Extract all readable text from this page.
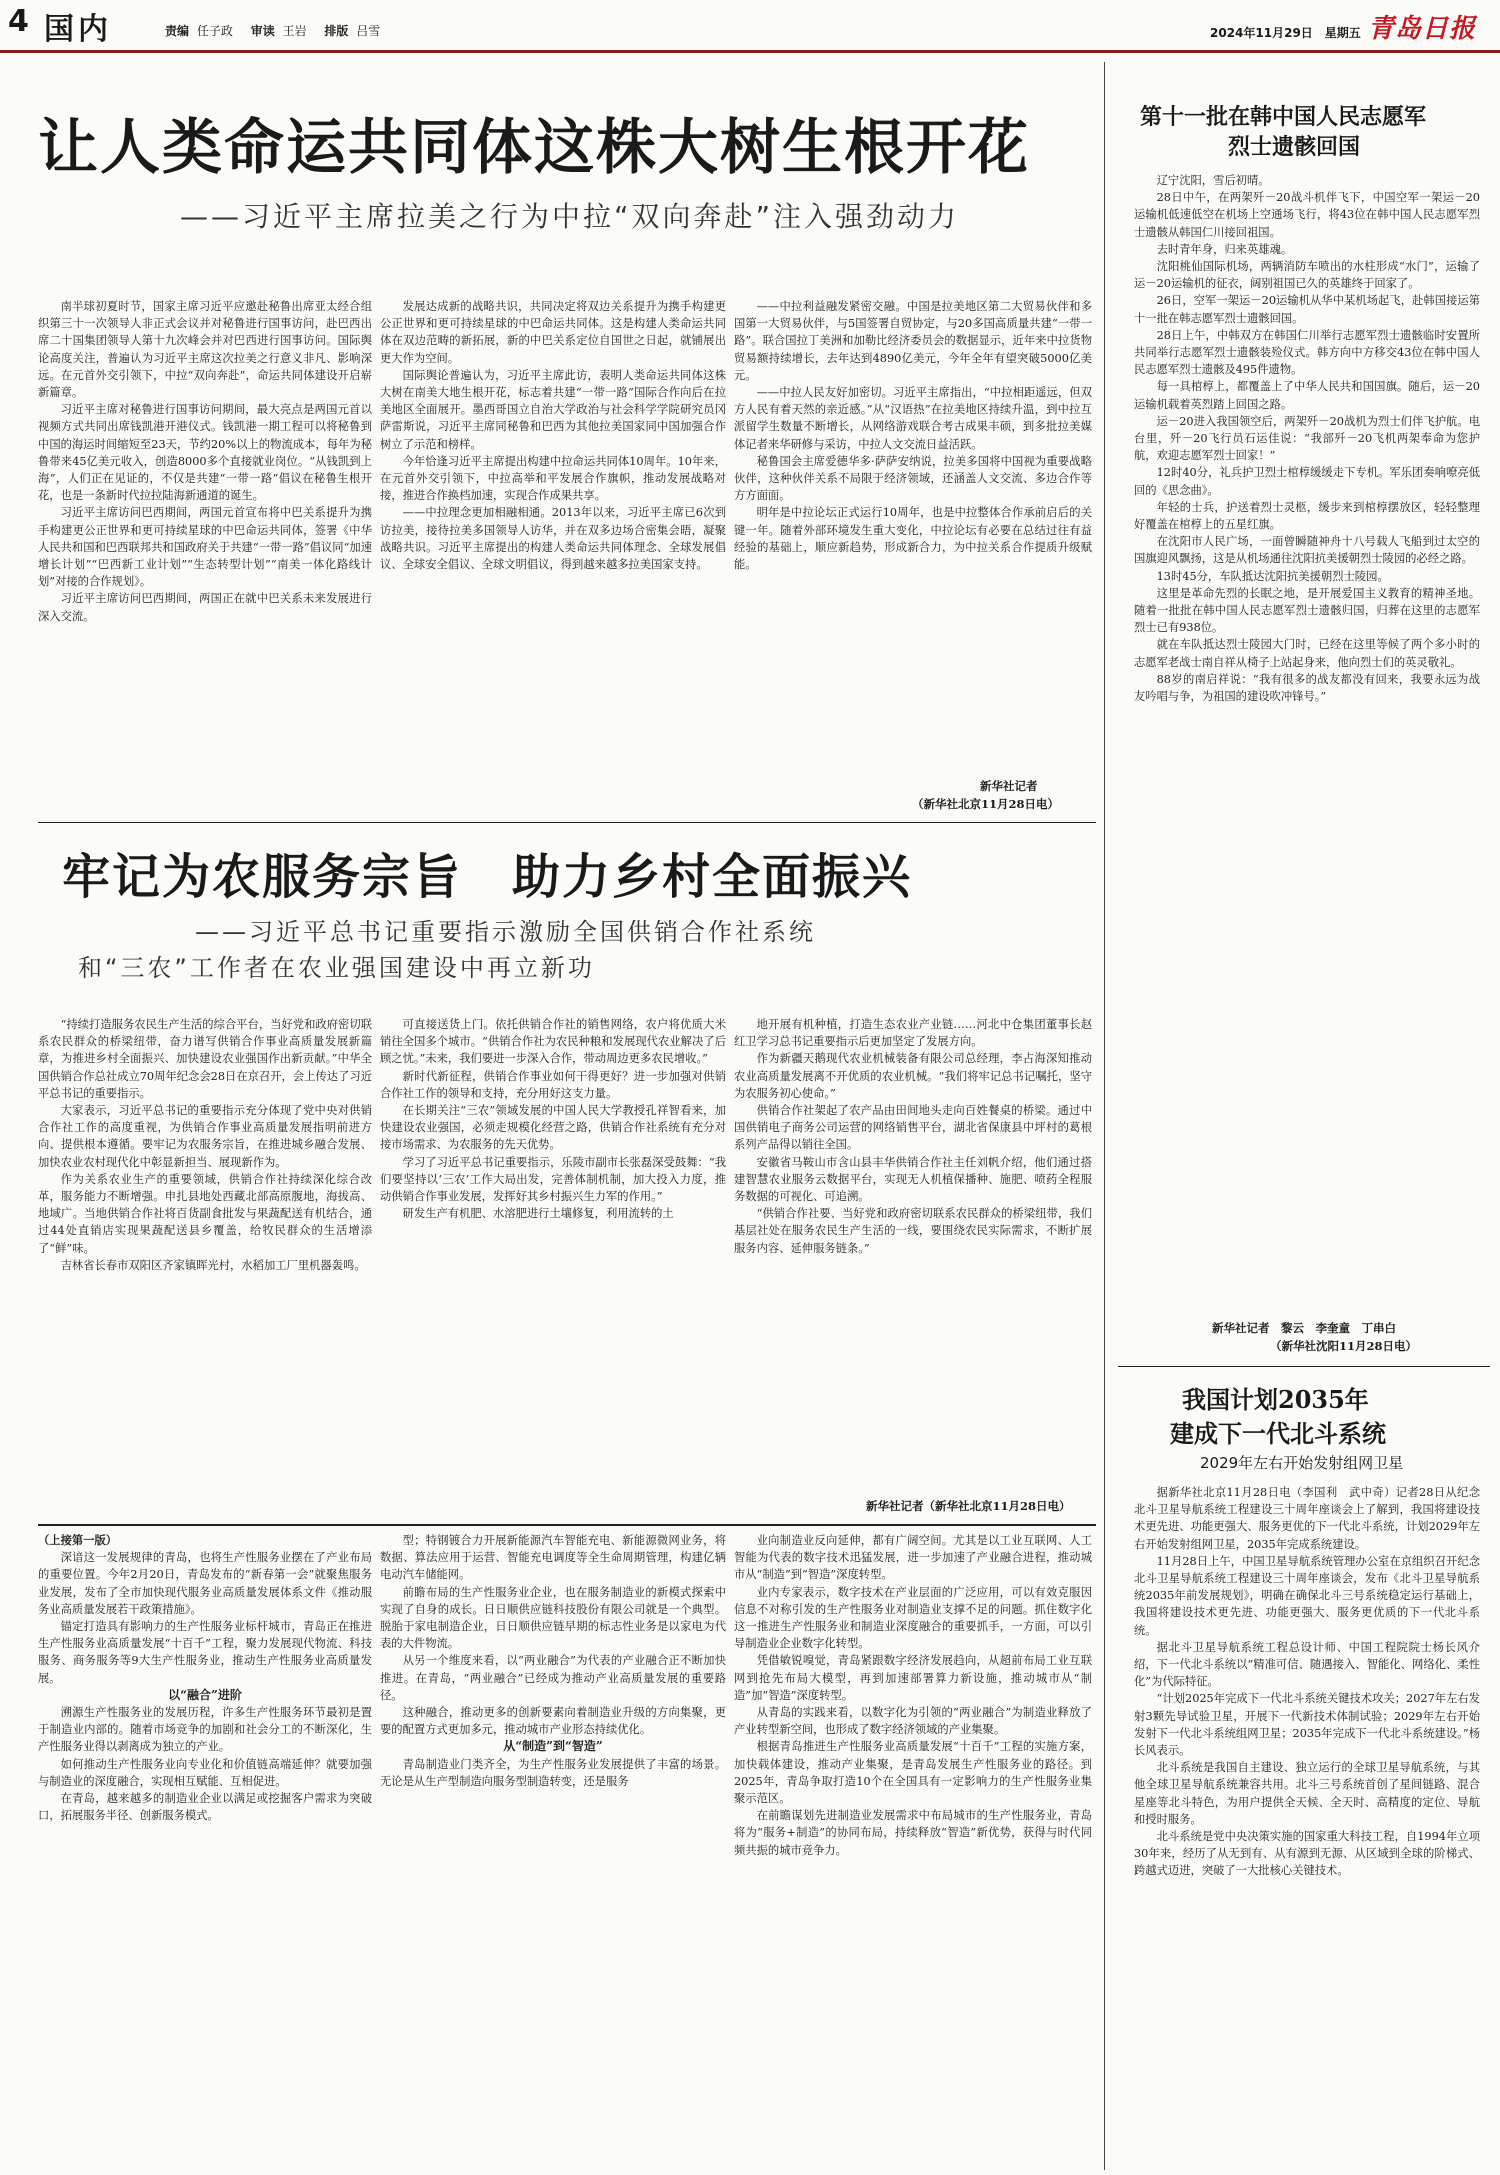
4 国内	责编 任子政 审读 王岩 排版 吕雪	2024年11月29日　星期五 青岛日报
让人类命运共同体这株大树生根开花
——习近平主席拉美之行为中拉“双向奔赴”注入强劲动力

南半球初夏时节，国家主席习近平应邀赴秘鲁出席亚太经合组织第三十一次领导人非正式会议并对秘鲁进行国事访问，赴巴西出席二十国集团领导人第十九次峰会并对巴西进行国事访问。国际舆论高度关注，普遍认为习近平主席这次拉美之行意义非凡、影响深远。在元首外交引领下，中拉“双向奔赴”，命运共同体建设开启崭新篇章。

习近平主席对秘鲁进行国事访问期间，最大亮点是两国元首以视频方式共同出席钱凯港开港仪式。钱凯港一期工程可以将秘鲁到中国的海运时间缩短至23天，节约20%以上的物流成本，每年为秘鲁带来45亿美元收入，创造8000多个直接就业岗位。“从钱凯到上海”，人们正在见证的，不仅是共建“一带一路”倡议在秘鲁生根开花，也是一条新时代拉拉陆海新通道的诞生。

习近平主席访问巴西期间，两国元首宣布将中巴关系提升为携手构建更公正世界和更可持续星球的中巴命运共同体，签署《中华人民共和国和巴西联邦共和国政府关于共建“一带一路”倡议同“加速增长计划”“巴西新工业计划”“生态转型计划”“南美一体化路线计划”对接的合作规划》。

习近平主席访问巴西期间，两国正在就中巴关系未来发展进行深入交流。

发展达成新的战略共识，共同决定将双边关系提升为携手构建更公正世界和更可持续星球的中巴命运共同体。这是构建人类命运共同体在双边范畴的新拓展，新的中巴关系定位自国世之日起，就铺展出更大作为空间。

国际舆论普遍认为，习近平主席此访，表明人类命运共同体这株大树在南美大地生根开花，标志着共建“一带一路”国际合作向后在拉美地区全面展开。墨西哥国立自治大学政治与社会科学学院研究员冈萨雷斯说，习近平主席同秘鲁和巴西为其他拉美国家同中国加强合作树立了示范和榜样。

今年恰逢习近平主席提出构建中拉命运共同体10周年。10年来，在元首外交引领下，中拉高举和平发展合作旗帜，推动发展战略对接，推进合作换档加速，实现合作成果共享。

——中拉理念更加相融相通。2013年以来，习近平主席已6次到访拉美，接待拉美多国领导人访华，并在双多边场合密集会晤，凝聚战略共识。习近平主席提出的构建人类命运共同体理念、全球发展倡议、全球安全倡议、全球文明倡议，得到越来越多拉美国家支持。

——中拉利益融发紧密交融。中国是拉美地区第二大贸易伙伴和多国第一大贸易伙伴，与5国签署自贸协定，与20多国高质量共建“一带一路”。联合国拉丁美洲和加勒比经济委员会的数据显示，近年来中拉货物贸易额持续增长，去年达到4890亿美元，今年全年有望突破5000亿美元。

——中拉人民友好加密切。习近平主席指出，“中拉相距遥远，但双方人民有着天然的亲近感。”从“汉语热”在拉美地区持续升温，到中拉互派留学生数量不断增长，从网络游戏联合考古成果丰硕，到多批拉美媒体记者来华研修与采访，中拉人文交流日益活跃。

秘鲁国会主席爱德华多·萨萨安纳说，拉美多国将中国视为重要战略伙伴，这种伙伴关系不局限于经济领域，还涵盖人文交流、多边合作等方方面面。

明年是中拉论坛正式运行10周年，也是中拉整体合作承前启后的关键一年。随着外部环境发生重大变化，中拉论坛有必要在总结过往有益经验的基础上，顺应新趋势，形成新合力，为中拉关系合作提质升级赋能。

新华社记者
（新华社北京11月28日电）
牢记为农服务宗旨　助力乡村全面振兴
——习近平总书记重要指示激励全国供销合作社系统
和“三农”工作者在农业强国建设中再立新功

“持续打造服务农民生产生活的综合平台，当好党和政府密切联系农民群众的桥梁纽带，奋力谱写供销合作事业高质量发展新篇章，为推进乡村全面振兴、加快建设农业强国作出新贡献。”中华全国供销合作总社成立70周年纪念会28日在京召开，会上传达了习近平总书记的重要指示。

大家表示，习近平总书记的重要指示充分体现了党中央对供销合作社工作的高度重视，为供销合作事业高质量发展指明前进方向、提供根本遵循。要牢记为农服务宗旨，在推进城乡融合发展、加快农业农村现代化中彰显新担当、展现新作为。

作为关系农业生产的重要领域，供销合作社持续深化综合改革，服务能力不断增强。申扎县地处西藏北部高原腹地，海拔高、地域广。当地供销合作社将百货副食批发与果蔬配送有机结合，通过44处直销店实现果蔬配送县乡覆盖，给牧民群众的生活增添了“鲜”味。

吉林省长春市双阳区齐家镇晖光村，水稻加工厂里机器轰鸣。

可直接送货上门。依托供销合作社的销售网络，农户将优质大米销往全国多个城市。“供销合作社为农民种粮和发展现代农业解决了后顾之忧。”未来，我们要进一步深入合作，带动周边更多农民增收。”

新时代新征程，供销合作事业如何干得更好？进一步加强对供销合作社工作的领导和支持，充分用好这支力量。

在长期关注“三农”领域发展的中国人民大学教授孔祥智看来，加快建设农业强国，必须走规模化经营之路，供销合作社系统有充分对接市场需求、为农服务的先天优势。

学习了习近平总书记重要指示，乐陵市副市长张磊深受鼓舞：“我们要坚持以‘三农’工作大局出发，完善体制机制，加大投入力度，推动供销合作事业发展，发挥好其乡村振兴生力军的作用。”

研发生产有机肥、水溶肥进行土壤修复，利用流转的土

地开展有机种植，打造生态农业产业链……河北中仓集团董事长赵红卫学习总书记重要指示后更加坚定了发展方向。

作为新疆天鹅现代农业机械装备有限公司总经理，李占海深知推动农业高质量发展离不开优质的农业机械。“我们将牢记总书记嘱托，坚守为农服务初心使命。”

供销合作社架起了农产品由田间地头走向百姓餐桌的桥梁。通过中国供销电子商务公司运营的网络销售平台，湖北省保康县中坪村的葛根系列产品得以销往全国。

安徽省马鞍山市含山县丰华供销合作社主任刘帆介绍，他们通过搭建智慧农业服务云数据平台，实现无人机植保播种、施肥、喷药全程服务数据的可视化、可追溯。

“供销合作社要、当好党和政府密切联系农民群众的桥梁纽带，我们基层社处在服务农民生产生活的一线，要围绕农民实际需求，不断扩展服务内容、延伸服务链条。”

新华社记者（新华社北京11月28日电）

（上接第一版）

深谙这一发展规律的青岛，也将生产性服务业摆在了产业布局的重要位置。今年2月20日，青岛发布的“新春第一会”就聚焦服务业发展，发布了全市加快现代服务业高质量发展体系文件《推动服务业高质量发展若干政策措施》。

锚定打造具有影响力的生产性服务业标杆城市，青岛正在推进生产性服务业高质量发展“十百千”工程，聚力发展现代物流、科技服务、商务服务等9大生产性服务业，推动生产性服务业高质量发展。

以“融合”进阶

溯源生产性服务业的发展历程，许多生产性服务环节最初是置于制造业内部的。随着市场竞争的加剧和社会分工的不断深化，生产性服务业得以剥离成为独立的产业。

如何推动生产性服务业向专业化和价值链高端延伸？就要加强与制造业的深度融合，实现相互赋能、互相促进。

在青岛，越来越多的制造业企业以满足或挖掘客户需求为突破口，拓展服务半径、创新服务模式。

型；特钢镀合力开展新能源汽车智能充电、新能源微网业务，将数据、算法应用于运营、智能充电调度等全生命周期管理，构建亿辆电动汽车储能网。

前瞻布局的生产性服务业企业，也在服务制造业的新模式探索中实现了自身的成长。日日顺供应链科技股份有限公司就是一个典型。脱胎于家电制造企业，日日顺供应链早期的标志性业务是以家电为代表的大件物流。

从另一个维度来看，以“两业融合”为代表的产业融合正不断加快推进。在青岛，“两业融合”已经成为推动产业高质量发展的重要路径。

这种融合，推动更多的创新要素向着制造业升级的方向集聚，更要的配置方式更加多元，推动城市产业形态持续优化。

从“制造”到“智造”

青岛制造业门类齐全，为生产性服务业发展提供了丰富的场景。无论是从生产型制造向服务型制造转变，还是服务

业向制造业反向延伸，都有广阔空间。尤其是以工业互联网、人工智能为代表的数字技术迅猛发展，进一步加速了产业融合进程，推动城市从“制造”到“智造”深度转型。

业内专家表示，数字技术在产业层面的广泛应用，可以有效克服因信息不对称引发的生产性服务业对制造业支撑不足的问题。抓住数字化这一推进生产性服务业和制造业深度融合的重要抓手，一方面，可以引导制造业企业数字化转型。

凭借敏锐嗅觉，青岛紧跟数字经济发展趋向，从超前布局工业互联网到抢先布局大模型，再到加速部署算力新设施，推动城市从“制造”加“智造”深度转型。

从青岛的实践来看，以数字化为引领的“两业融合”为制造业释放了产业转型新空间，也形成了数字经济领域的产业集聚。

根据青岛推进生产性服务业高质量发展“十百千”工程的实施方案，加快载体建设，推动产业集聚，是青岛发展生产性服务业的路径。到2025年，青岛争取打造10个在全国具有一定影响力的生产性服务业集聚示范区。

在前瞻谋划先进制造业发展需求中布局城市的生产性服务业，青岛将为“服务+制造”的协同布局，持续释放“智造”新优势，获得与时代同频共振的城市竞争力。

第十一批在韩中国人民志愿军
烈士遗骸回国

辽宁沈阳，雪后初晴。

28日中午，在两架歼－20战斗机伴飞下，中国空军一架运－20运输机低速低空在机场上空通场飞行，将43位在韩中国人民志愿军烈士遗骸从韩国仁川接回祖国。

去时青年身，归来英雄魂。

沈阳桃仙国际机场，两辆消防车喷出的水柱形成“水门”，运输了运－20运输机的征衣，阔别祖国已久的英雄终于回家了。

26日，空军一架运－20运输机从华中某机场起飞，赴韩国接运第十一批在韩志愿军烈士遗骸回国。

28日上午，中韩双方在韩国仁川举行志愿军烈士遗骸临时安置所共同举行志愿军烈士遗骸装殓仪式。韩方向中方移交43位在韩中国人民志愿军烈士遗骸及495件遗物。

每一具棺椁上，都覆盖上了中华人民共和国国旗。随后，运－20运输机载着英烈踏上回国之路。

运－20进入我国领空后，两架歼－20战机为烈士们伴飞护航。电台里，歼－20飞行员石运佳说：“我部歼－20飞机两架奉命为您护航，欢迎志愿军烈士回家！”

12时40分，礼兵护卫烈士棺椁缓缓走下专机。军乐团奏响嘹亮低回的《思念曲》。

年轻的士兵，护送着烈士灵柩，缓步来到棺椁摆放区，轻轻整理好覆盖在棺椁上的五星红旗。

在沈阳市人民广场，一面曾瞬随神舟十八号载人飞船到过太空的国旗迎风飘扬，这是从机场通往沈阳抗美援朝烈士陵园的必经之路。

13时45分，车队抵达沈阳抗美援朝烈士陵园。

这里是革命先烈的长眠之地，是开展爱国主义教育的精神圣地。随着一批批在韩中国人民志愿军烈士遗骸归国，归葬在这里的志愿军烈士已有938位。

就在车队抵达烈士陵园大门时，已经在这里等候了两个多小时的志愿军老战士南自祥从椅子上站起身来，他向烈士们的英灵敬礼。

88岁的南启祥说：“我有很多的战友都没有回来，我要永远为战友吟唱与争，为祖国的建设吹冲锋号。”

新华社记者　黎云　李奎童　丁串白
（新华社沈阳11月28日电）
我国计划2035年
建成下一代北斗系统
2029年左右开始发射组网卫星

据新华社北京11月28日电（李国利　武中奇）记者28日从纪念北斗卫星导航系统工程建设三十周年座谈会上了解到，我国将建设技术更先进、功能更强大、服务更优的下一代北斗系统，计划2029年左右开始发射组网卫星，2035年完成系统建设。

11月28日上午，中国卫星导航系统管理办公室在京组织召开纪念北斗卫星导航系统工程建设三十周年座谈会，发布《北斗卫星导航系统2035年前发展规划》，明确在确保北斗三号系统稳定运行基础上，我国将建设技术更先进、功能更强大、服务更优质的下一代北斗系统。

据北斗卫星导航系统工程总设计师、中国工程院院士杨长风介绍，下一代北斗系统以“精准可信、随遇接入、智能化、网络化、柔性化”为代际特征。

“计划2025年完成下一代北斗系统关键技术攻关；2027年左右发射3颗先导试验卫星，开展下一代新技术体制试验；2029年左右开始发射下一代北斗系统组网卫星；2035年完成下一代北斗系统建设。”杨长风表示。

北斗系统是我国自主建设、独立运行的全球卫星导航系统，与其他全球卫星导航系统兼容共用。北斗三号系统首创了星间链路、混合星座等北斗特色，为用户提供全天候、全天时、高精度的定位、导航和授时服务。

北斗系统是党中央决策实施的国家重大科技工程，自1994年立项30年来，经历了从无到有、从有源到无源、从区域到全球的阶梯式、跨越式迈进，突破了一大批核心关键技术。
